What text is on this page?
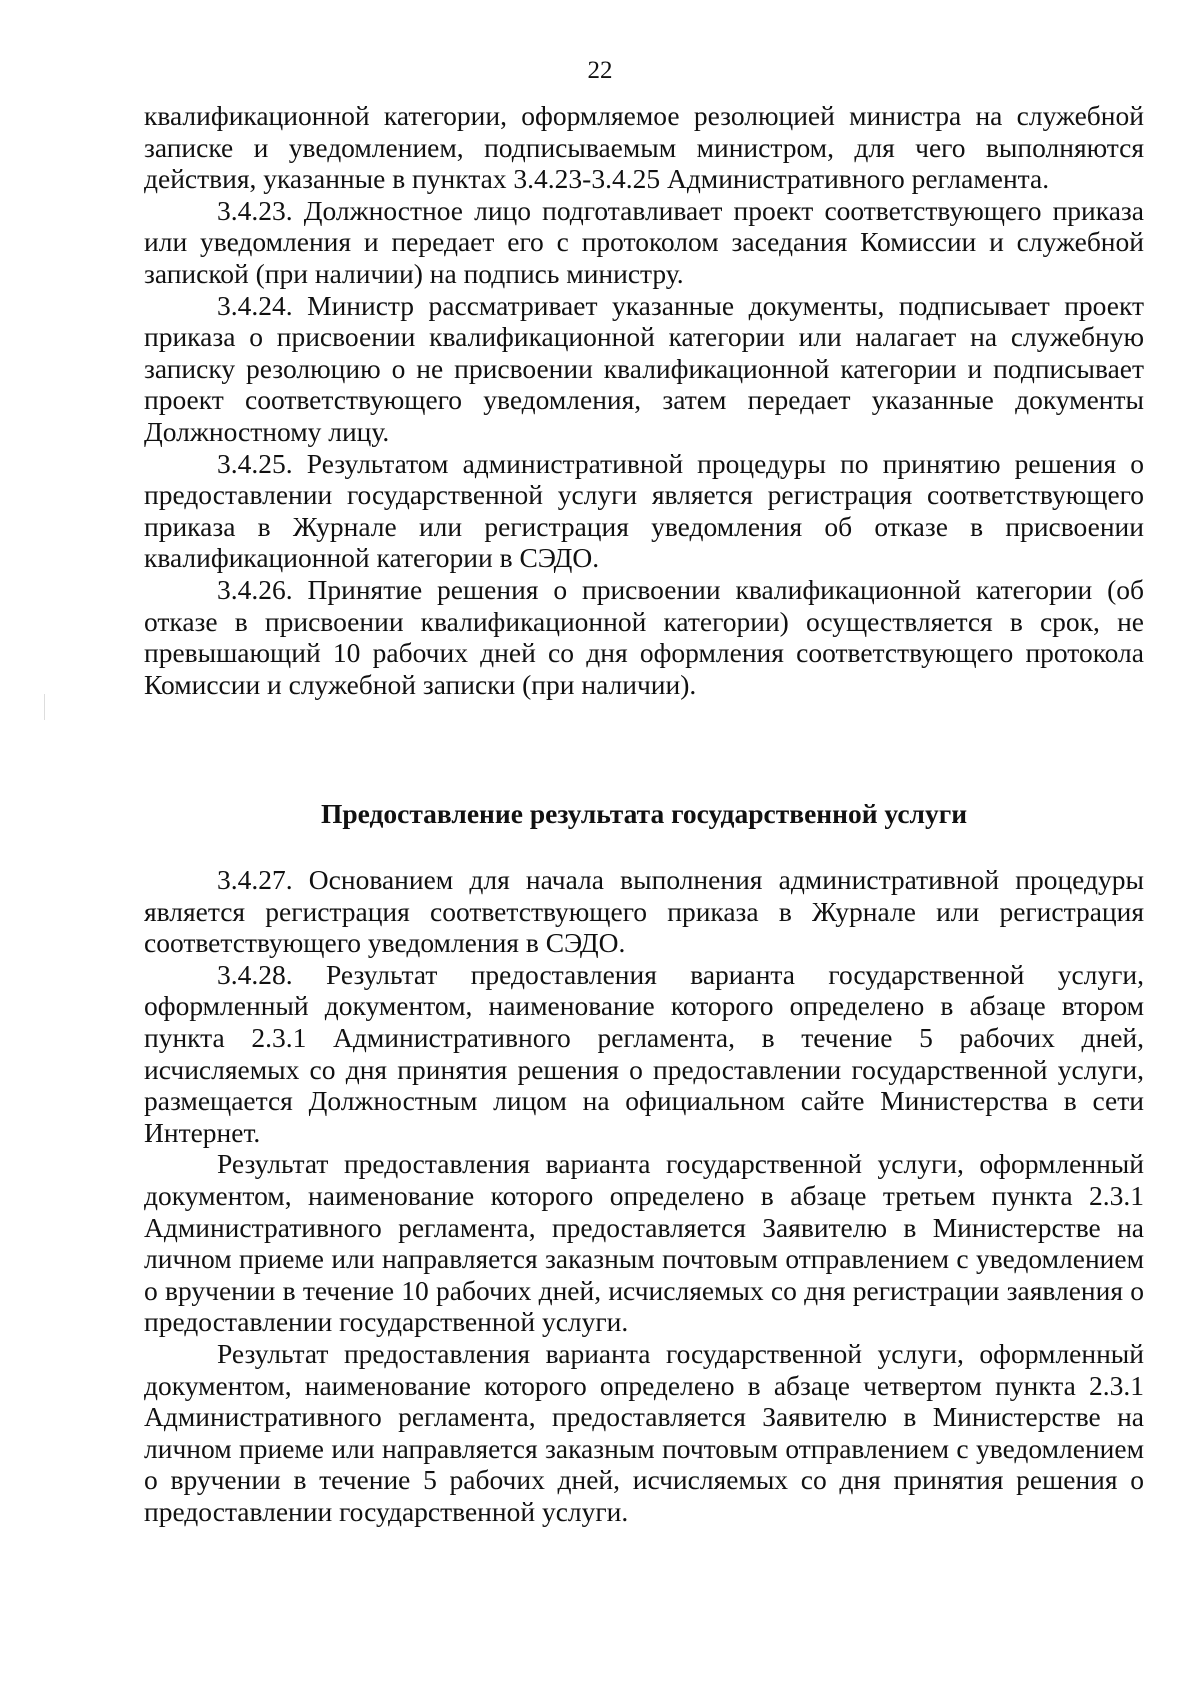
22

квалификационной категории, оформляемое резолюцией министра на служебной записке и уведомлением, подписываемым министром, для чего выполняются действия, указанные в пунктах 3.4.23-3.4.25 Административного регламента.

3.4.23. Должностное лицо подготавливает проект соответствующего приказа или уведомления и передает его с протоколом заседания Комиссии и служебной запиской (при наличии) на подпись министру.

3.4.24. Министр рассматривает указанные документы, подписывает проект приказа о присвоении квалификационной категории или налагает на служебную записку резолюцию о не присвоении квалификационной категории и подписывает проект соответствующего уведомления, затем передает указанные документы Должностному лицу.

3.4.25. Результатом административной процедуры по принятию решения о предоставлении государственной услуги является регистрация соответствующего приказа в Журнале или регистрация уведомления об отказе в присвоении квалификационной категории в СЭДО.

3.4.26. Принятие решения о присвоении квалификационной категории (об отказе в присвоении квалификационной категории) осуществляется в срок, не превышающий 10 рабочих дней со дня оформления соответствующего протокола Комиссии и служебной записки (при наличии).

Предоставление результата государственной услуги

3.4.27. Основанием для начала выполнения административной процедуры является регистрация соответствующего приказа в Журнале или регистрация соответствующего уведомления в СЭДО.

3.4.28. Результат предоставления варианта государственной услуги, оформленный документом, наименование которого определено в абзаце втором пункта 2.3.1 Административного регламента, в течение 5 рабочих дней, исчисляемых со дня принятия решения о предоставлении государственной услуги, размещается Должностным лицом на официальном сайте Министерства в сети Интернет.

Результат предоставления варианта государственной услуги, оформленный документом, наименование которого определено в абзаце третьем пункта 2.3.1 Административного регламента, предоставляется Заявителю в Министерстве на личном приеме или направляется заказным почтовым отправлением с уведомлением о вручении в течение 10 рабочих дней, исчисляемых со дня регистрации заявления о предоставлении государственной услуги.

Результат предоставления варианта государственной услуги, оформленный документом, наименование которого определено в абзаце четвертом пункта 2.3.1 Административного регламента, предоставляется Заявителю в Министерстве на личном приеме или направляется заказным почтовым отправлением с уведомлением о вручении в течение 5 рабочих дней, исчисляемых со дня принятия решения о предоставлении государственной услуги.
